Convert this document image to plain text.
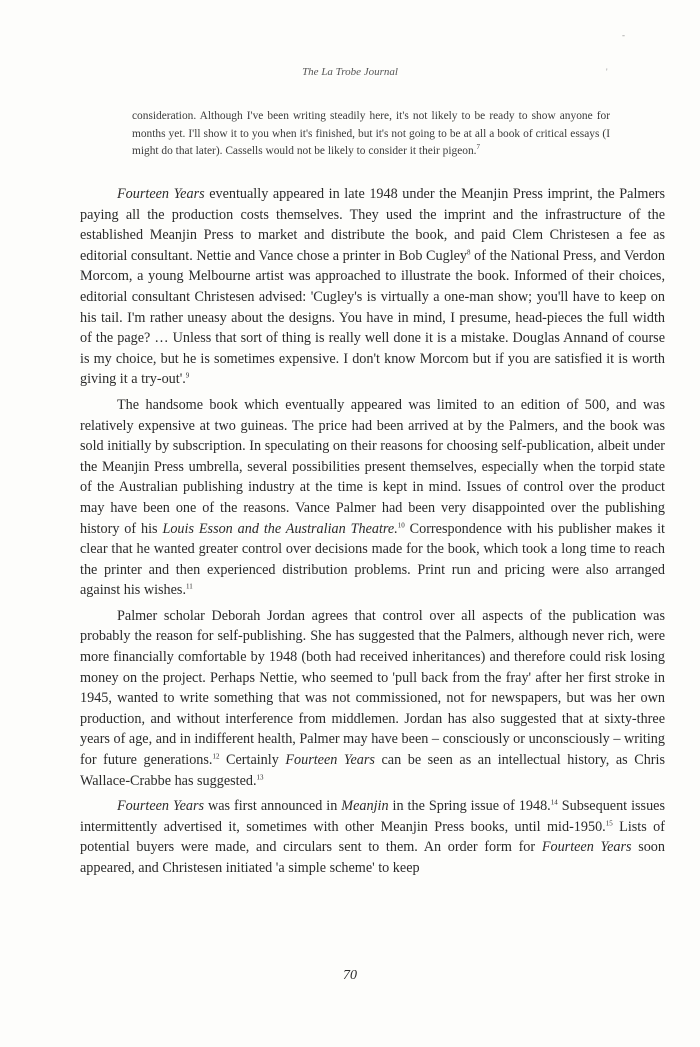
The La Trobe Journal	'
-
consideration. Although I've been writing steadily here, it's not likely to be ready to show anyone for months yet. I'll show it to you when it's finished, but it's not going to be at all a book of critical essays (I might do that later). Cassells would not be likely to consider it their pigeon.$^7$

Fourteen Years eventually appeared in late 1948 under the Meanjin Press imprint, the Palmers paying all the production costs themselves. They used the imprint and the infrastructure of the established Meanjin Press to market and distribute the book, and paid Clem Christesen a fee as editorial consultant. Nettie and Vance chose a printer in Bob Cugley$^8$ of the National Press, and Verdon Morcom, a young Melbourne artist was approached to illustrate the book. Informed of their choices, editorial consultant Christesen advised: 'Cugley's is virtually a one-man show; you'll have to keep on his tail. I'm rather uneasy about the designs. You have in mind, I presume, head-pieces the full width of the page? … Unless that sort of thing is really well done it is a mistake. Douglas Annand of course is my choice, but he is sometimes expensive. I don't know Morcom but if you are satisfied it is worth giving it a try-out'.$^9$

The handsome book which eventually appeared was limited to an edition of 500, and was relatively expensive at two guineas. The price had been arrived at by the Palmers, and the book was sold initially by subscription. In speculating on their reasons for choosing self-publication, albeit under the Meanjin Press umbrella, several possibilities present themselves, especially when the torpid state of the Australian publishing industry at the time is kept in mind. Issues of control over the product may have been one of the reasons. Vance Palmer had been very disappointed over the publishing history of his Louis Esson and the Australian Theatre.$^{10}$ Correspondence with his publisher makes it clear that he wanted greater control over decisions made for the book, which took a long time to reach the printer and then experienced distribution problems. Print run and pricing were also arranged against his wishes.$^{11}$

Palmer scholar Deborah Jordan agrees that control over all aspects of the publication was probably the reason for self-publishing. She has suggested that the Palmers, although never rich, were more financially comfortable by 1948 (both had received inheritances) and therefore could risk losing money on the project. Perhaps Nettie, who seemed to 'pull back from the fray' after her first stroke in 1945, wanted to write something that was not commissioned, not for newspapers, but was her own production, and without interference from middlemen. Jordan has also suggested that at sixty-three years of age, and in indifferent health, Palmer may have been – consciously or unconsciously – writing for future generations.$^{12}$ Certainly Fourteen Years can be seen as an intellectual history, as Chris Wallace-Crabbe has suggested.$^{13}$

Fourteen Years was first announced in Meanjin in the Spring issue of 1948.14 Subsequent issues intermittently advertised it, sometimes with other Meanjin Press books, until mid-1950.15 Lists of potential buyers were made, and circulars sent to them. An order form for Fourteen Years soon appeared, and Christesen initiated 'a simple scheme' to keep

70
